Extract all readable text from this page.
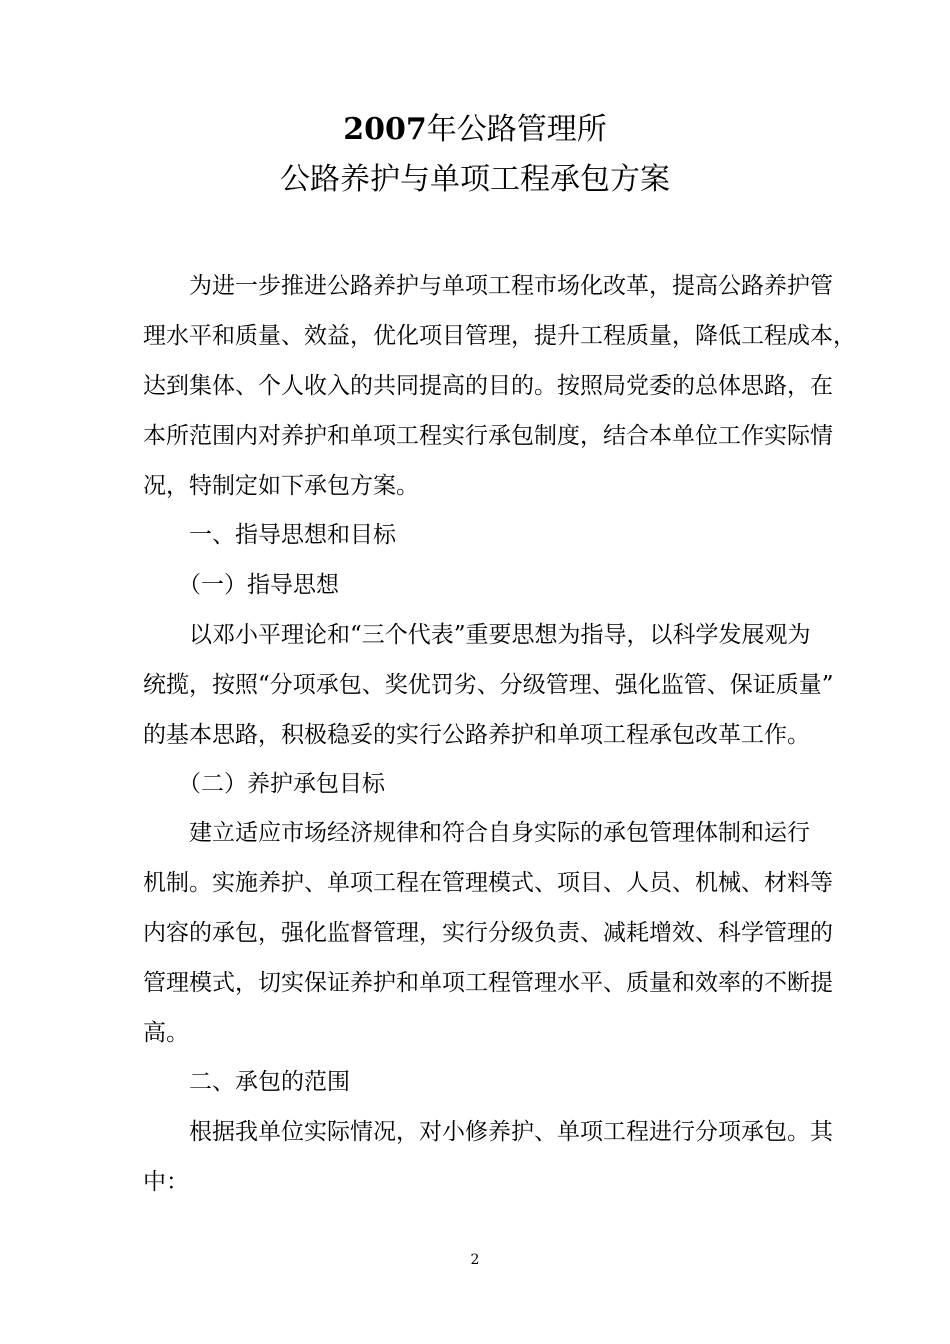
2007年公路管理所
公路养护与单项工程承包方案
为进一步推进公路养护与单项工程市场化改革，提高公路养护管
理水平和质量、效益，优化项目管理，提升工程质量，降低工程成本，
达到集体、个人收入的共同提高的目的。按照局党委的总体思路，在
本所范围内对养护和单项工程实行承包制度，结合本单位工作实际情
况，特制定如下承包方案。
一、指导思想和目标
（一）指导思想
以邓小平理论和“三个代表”重要思想为指导，以科学发展观为
统揽，按照“分项承包、奖优罚劣、分级管理、强化监管、保证质量”
的基本思路，积极稳妥的实行公路养护和单项工程承包改革工作。
（二）养护承包目标
建立适应市场经济规律和符合自身实际的承包管理体制和运行
机制。实施养护、单项工程在管理模式、项目、人员、机械、材料等
内容的承包，强化监督管理，实行分级负责、减耗增效、科学管理的
管理模式，切实保证养护和单项工程管理水平、质量和效率的不断提
高。
二、承包的范围
根据我单位实际情况，对小修养护、单项工程进行分项承包。其
中：
2
